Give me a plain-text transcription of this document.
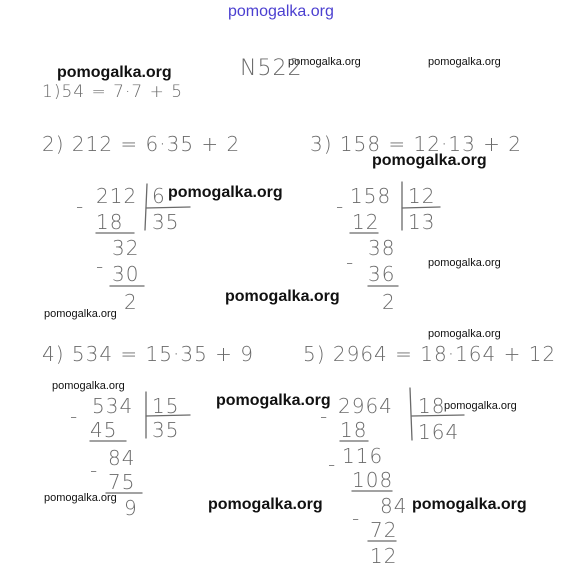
pomogalka.org
pomogalka.org
pomogalka.org	pomogalka.org
pomogalka.org
pomogalka.org
pomogalka.org
pomogalka.org
pomogalka.org
pomogalka.org
pomogalka.org
pomogalka.org	pomogalka.org
pomogalka.org	pomogalka.org	pomogalka.org
N522
1)54 = 7·7 + 5
2) 212 = 6·35 + 2	3) 158 = 12·13 + 2
4) 534 = 15·35 + 9 5) 2964 = 18·164 + 12
- 212 6
18 35
-
32
30
2
- 158 12
12 13
-
38
36
2
- 534 15
45 35
- 84
75
9
- 2964 18
18	164
- 116
108
- 84
72
12
